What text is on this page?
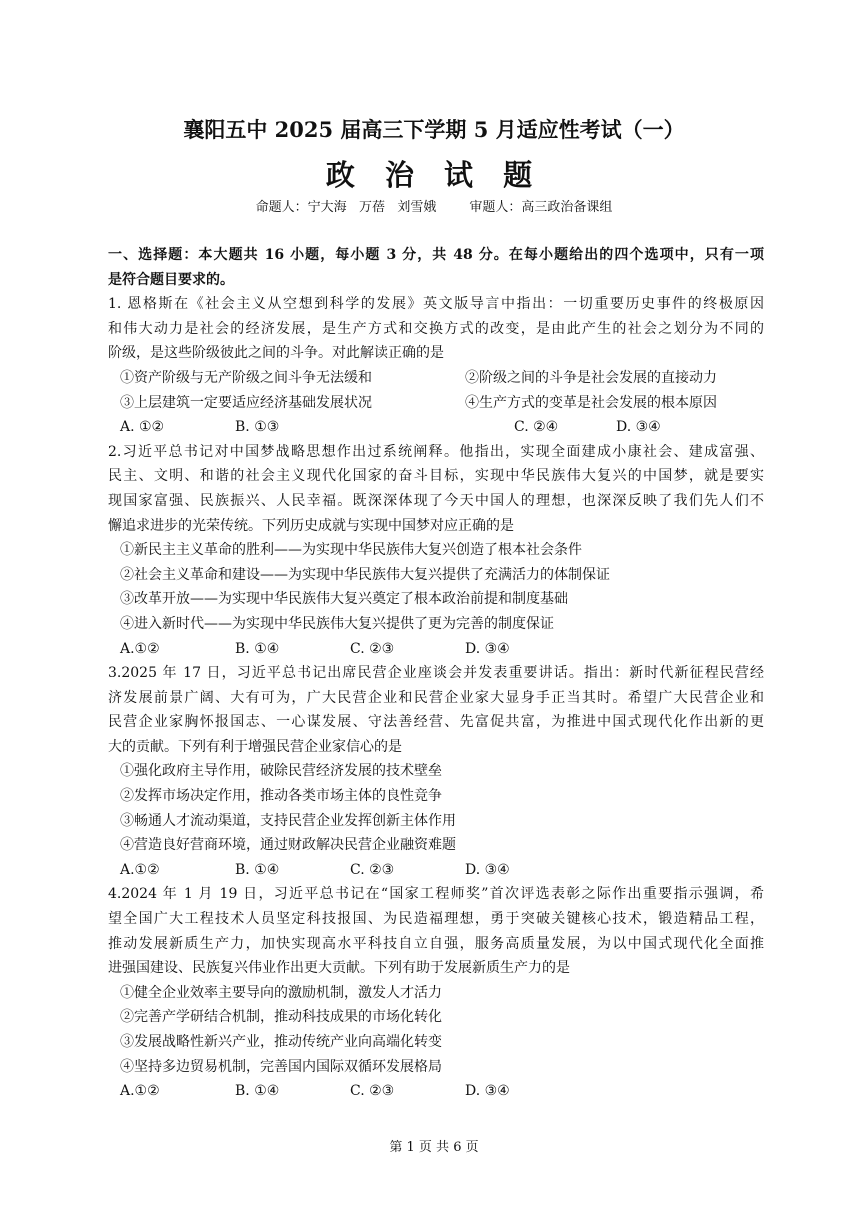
襄阳五中 2025 届高三下学期 5 月适应性考试（一）
政 治 试 题
命题人：宁大海   万蓓   刘雪娥	审题人：高三政治备课组
一、选择题：本大题共 16 小题，每小题 3 分，共 48 分。在每小题给出的四个选项中，只有一项
是符合题目要求的。
1. 恩格斯在《社会主义从空想到科学的发展》英文版导言中指出：一切重要历史事件的终极原因
和伟大动力是社会的经济发展，是生产方式和交换方式的改变，是由此产生的社会之划分为不同的
阶级，是这些阶级彼此之间的斗争。对此解读正确的是
①资产阶级与无产阶级之间斗争无法缓和	②阶级之间的斗争是社会发展的直接动力
③上层建筑一定要适应经济基础发展状况	④生产方式的变革是社会发展的根本原因
A. ①②	B. ①③	C. ②④	D. ③④
2.习近平总书记对中国梦战略思想作出过系统阐释。他指出，实现全面建成小康社会、建成富强、
民主、文明、和谐的社会主义现代化国家的奋斗目标，实现中华民族伟大复兴的中国梦，就是要实
现国家富强、民族振兴、人民幸福。既深深体现了今天中国人的理想，也深深反映了我们先人们不
懈追求进步的光荣传统。下列历史成就与实现中国梦对应正确的是
①新民主主义革命的胜利——为实现中华民族伟大复兴创造了根本社会条件
②社会主义革命和建设——为实现中华民族伟大复兴提供了充满活力的体制保证
③改革开放——为实现中华民族伟大复兴奠定了根本政治前提和制度基础
④进入新时代——为实现中华民族伟大复兴提供了更为完善的制度保证
A.①②	B. ①④	C. ②③	D. ③④
3.2025 年 17 日，习近平总书记出席民营企业座谈会并发表重要讲话。指出：新时代新征程民营经
济发展前景广阔、大有可为，广大民营企业和民营企业家大显身手正当其时。希望广大民营企业和
民营企业家胸怀报国志、一心谋发展、守法善经营、先富促共富，为推进中国式现代化作出新的更
大的贡献。下列有利于增强民营企业家信心的是
①强化政府主导作用，破除民营经济发展的技术壁垒
②发挥市场决定作用，推动各类市场主体的良性竞争
③畅通人才流动渠道，支持民营企业发挥创新主体作用
④营造良好营商环境，通过财政解决民营企业融资难题
A.①②	B. ①④	C. ②③	D. ③④
4.2024 年 1 月 19 日，习近平总书记在“国家工程师奖”首次评选表彰之际作出重要指示强调，希
望全国广大工程技术人员坚定科技报国、为民造福理想，勇于突破关键核心技术，锻造精品工程，
推动发展新质生产力，加快实现高水平科技自立自强，服务高质量发展，为以中国式现代化全面推
进强国建设、民族复兴伟业作出更大贡献。下列有助于发展新质生产力的是
①健全企业效率主要导向的激励机制，激发人才活力
②完善产学研结合机制，推动科技成果的市场化转化
③发展战略性新兴产业，推动传统产业向高端化转变
④坚持多边贸易机制，完善国内国际双循环发展格局
A.①②	B. ①④	C. ②③	D. ③④
第 1 页 共 6 页
